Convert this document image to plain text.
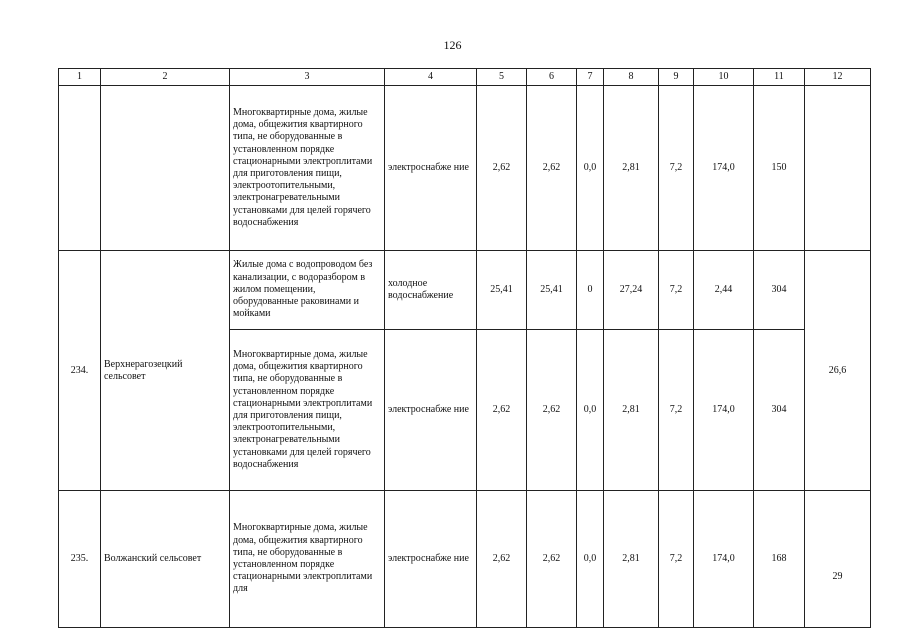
126
1	2	3	4	5	6	7	8	9	10	11	12
		Многоквартирные дома, жилые дома, общежития квартирного типа, не оборудованные в установленном порядке стационарными электроплитами для приготовления пищи, электроотопительными, электронагревательными установками для целей горячего водоснабжения	электроснабже ние	2,62	2,62	0,0	2,81	7,2	174,0	150	
234.	Верхнерагозецкий сельсовет	Жилые дома с водопроводом без канализации, с водоразбором в жилом помещении, оборудованные раковинами и мойками	холодное водоснабжение	25,41	25,41	0	27,24	7,2	2,44	304	26,6
		Многоквартирные дома, жилые дома, общежития квартирного типа, не оборудованные в установленном порядке стационарными электроплитами для приготовления пищи, электроотопительными, электронагревательными установками для целей горячего водоснабжения	электроснабже ние	2,62	2,62	0,0	2,81	7,2	174,0	304	
235.	Волжанский сельсовет	Многоквартирные дома, жилые дома, общежития квартирного типа, не оборудованные в установленном порядке стационарными электроплитами для	электроснабже ние	2,62	2,62	0,0	2,81	7,2	174,0	168	29
